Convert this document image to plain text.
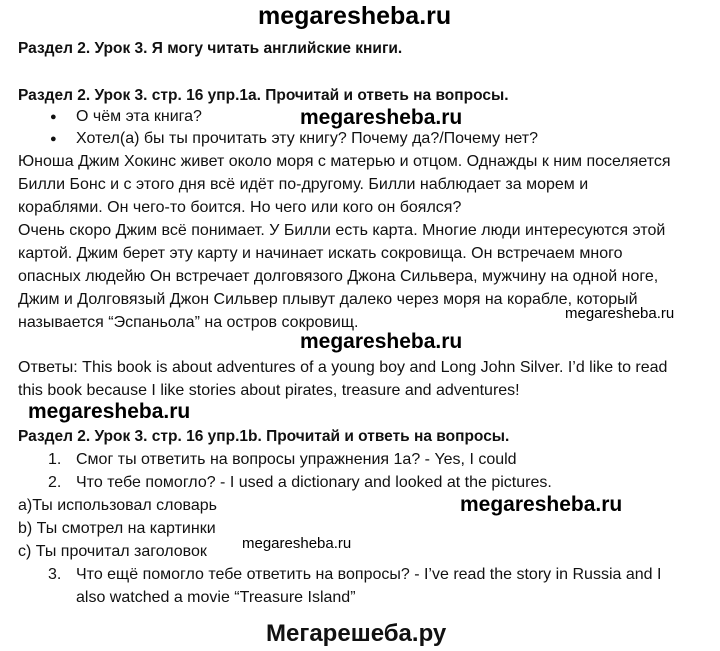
megaresheba.ru
Раздел 2. Урок 3. Я могу читать английские книги.
Раздел 2. Урок 3. стр. 16 упр.1а. Прочитай и ответь на вопросы.
● О чём эта книга?
● Хотел(а) бы ты прочитать эту книгу? Почему да?/Почему нет?
Юноша Джим Хокинс живет около моря с матерью и отцом. Однажды к ним поселяется
Билли Бонс и с этого дня всё идёт по-другому. Билли наблюдает за морем и
кораблями. Он чего-то боится. Но чего или кого он боялся?
Очень скоро Джим всё понимает. У Билли есть карта. Многие люди интересуются этой
картой. Джим берет эту карту и начинает искать сокровища. Он встречаем много
опасных людейю Он встречает долговязого Джона Сильвера, мужчину на одной ноге,
Джим и Долговязый Джон Сильвер плывут далеко через моря на корабле, который
называется “Эспаньола” на остров сокровищ.
Ответы: This book is about adventures of a young boy and Long John Silver. I’d like to read
this book because I like stories about pirates, treasure and adventures!
Раздел 2. Урок 3. стр. 16 упр.1b. Прочитай и ответь на вопросы.
1. Смог ты ответить на вопросы упражнения 1а? - Yes, I could
2. Что тебе помогло? - I used a dictionary and looked at the pictures.
а)Ты использовал словарь
b) Ты смотрел на картинки
c) Ты прочитал заголовок
3. Что ещё помогло тебе ответить на вопросы? - I’ve read the story in Russia and I
also watched a movie “Treasure Island”
megaresheba.ru
megaresheba.ru
megaresheba.ru
megaresheba.ru
megaresheba.ru
megaresheba.ru
Мегарешеба.ру
